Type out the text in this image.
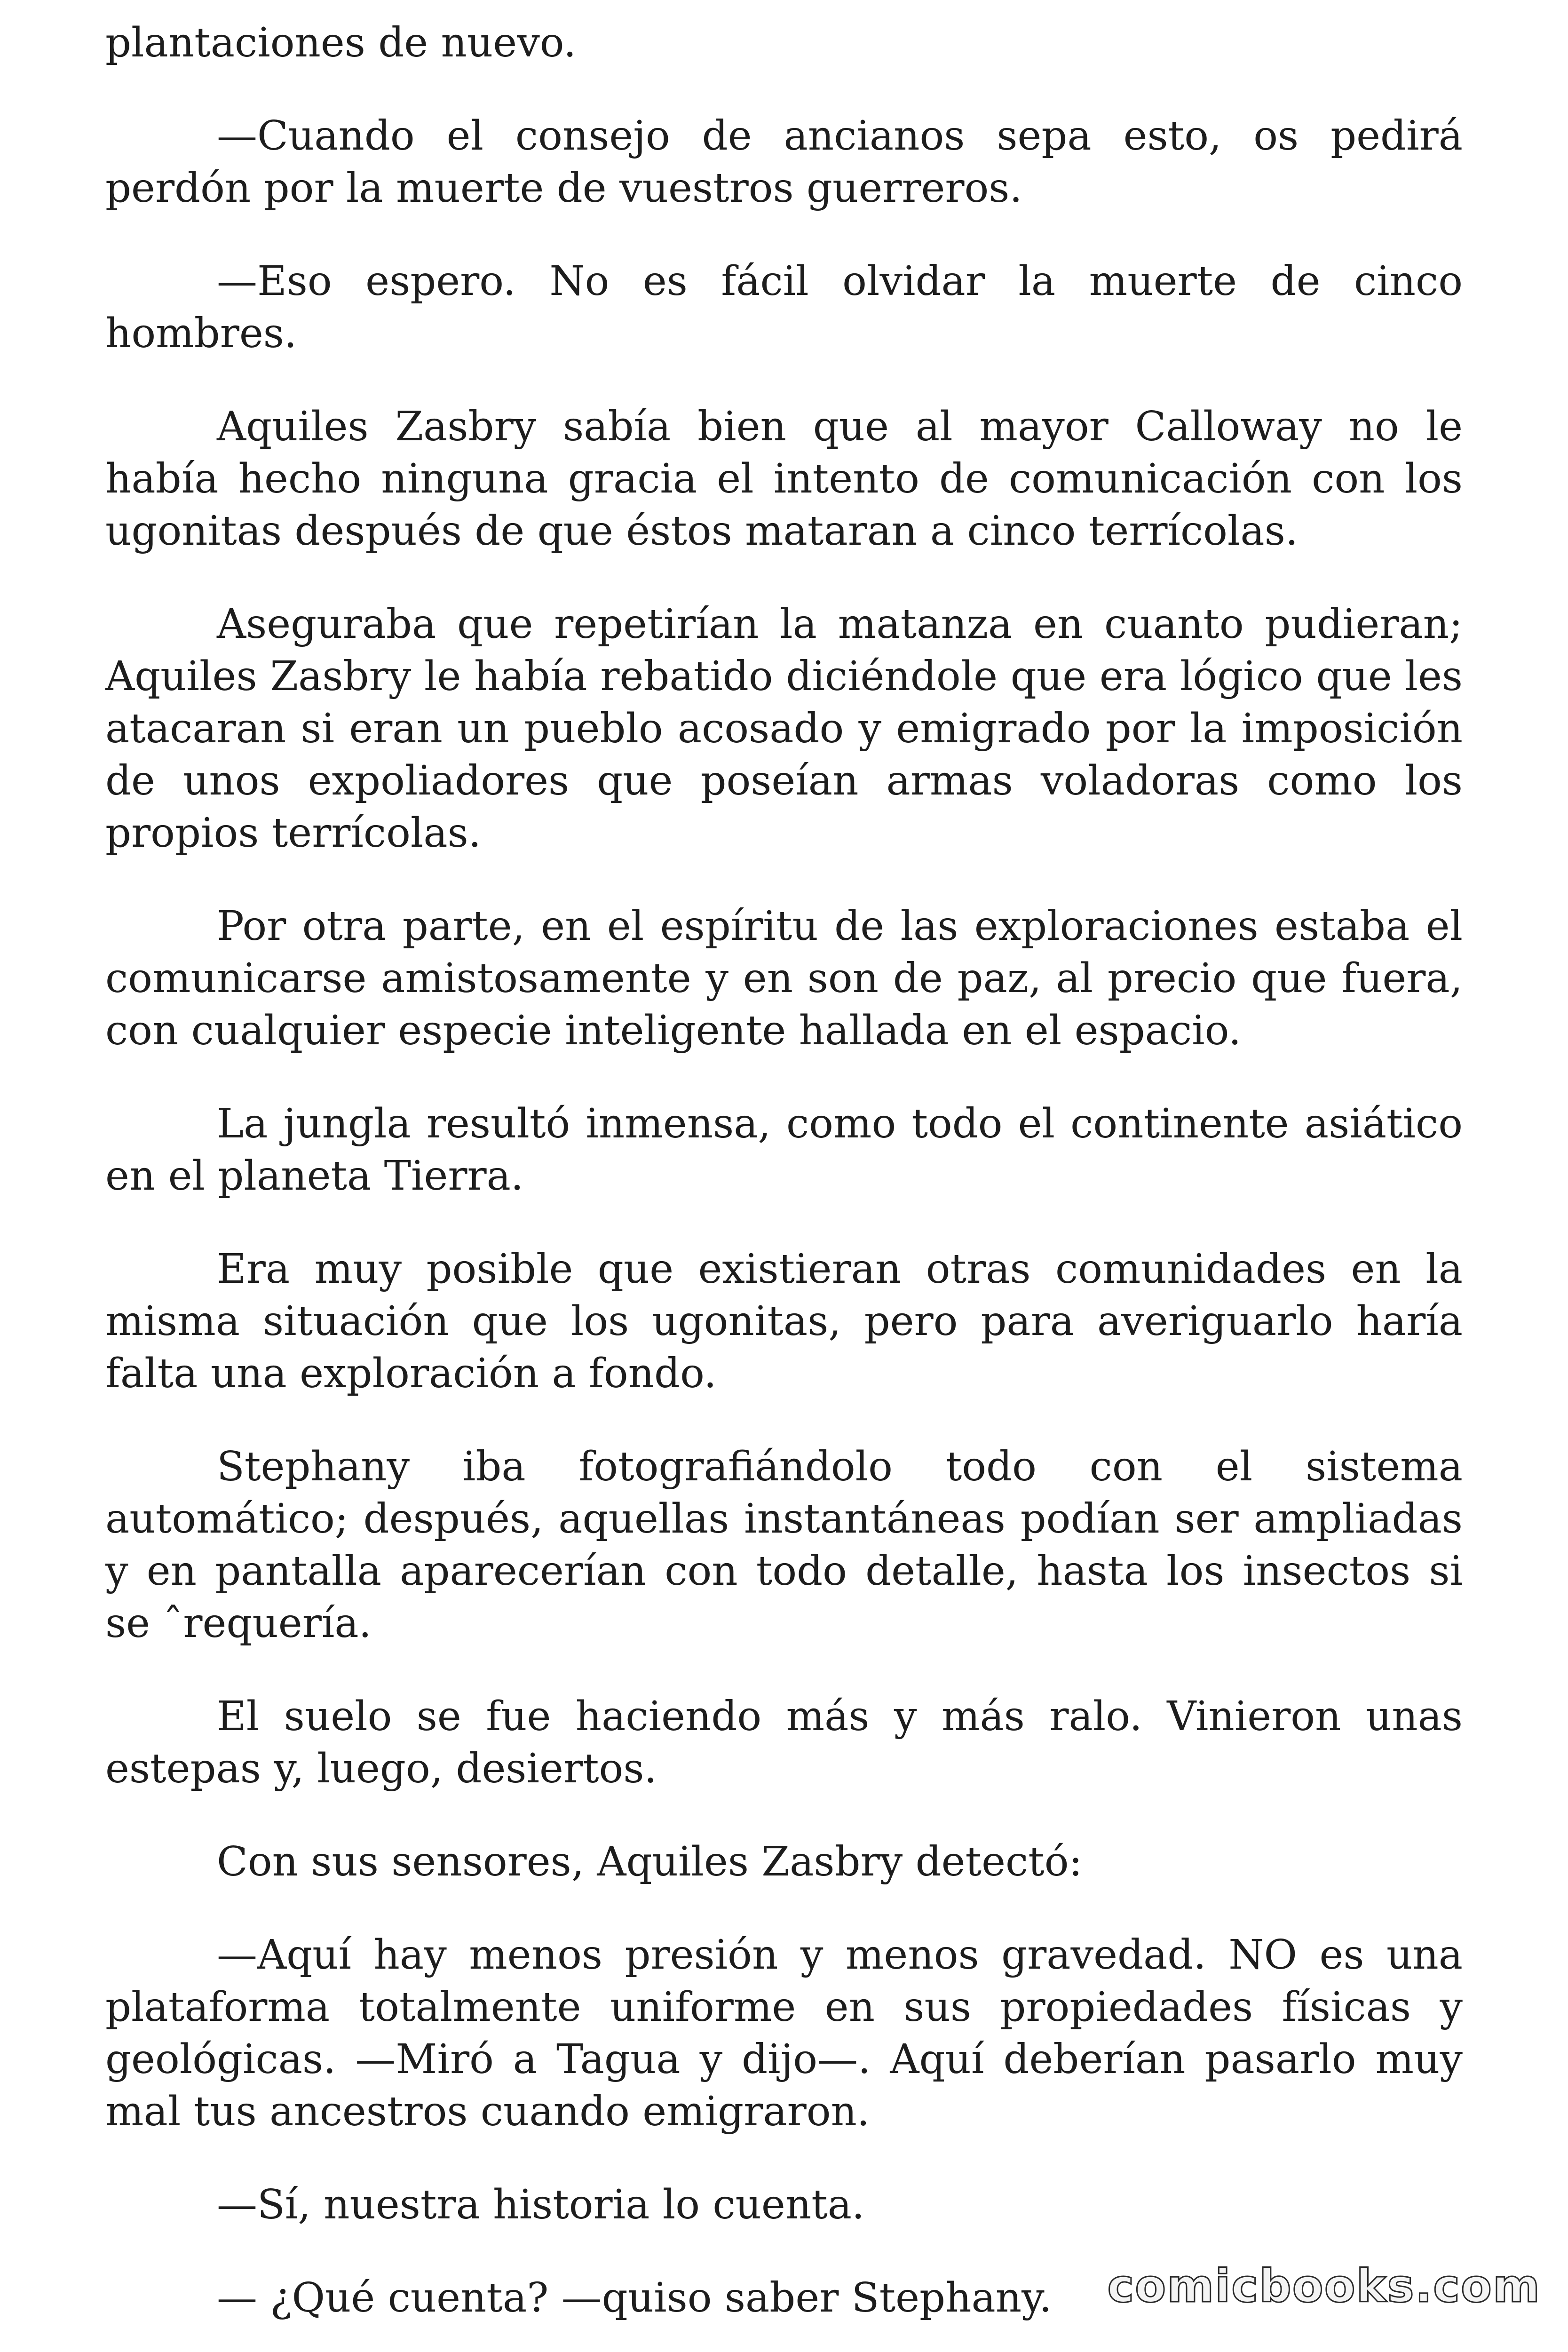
plantaciones de nuevo.

—Cuando el consejo de ancianos sepa esto, os pedirá perdón por la muerte de vuestros guerreros.

—Eso espero. No es fácil olvidar la muerte de cinco hombres.

Aquiles Zasbry sabía bien que al mayor Calloway no le había hecho ninguna gracia el intento de comunicación con los ugonitas después de que éstos mataran a cinco terrícolas.

Aseguraba que repetirían la matanza en cuanto pudieran; Aquiles Zasbry le había rebatido diciéndole que era lógico que les atacaran si eran un pueblo acosado y emigrado por la imposición de unos expoliadores que poseían armas voladoras como los propios terrícolas.

Por otra parte, en el espíritu de las exploraciones estaba el comunicarse amistosamente y en son de paz, al precio que fuera, con cualquier especie inteligente hallada en el espacio.

La jungla resultó inmensa, como todo el continente asiático en el planeta Tierra.

Era muy posible que existieran otras comunidades en la misma situación que los ugonitas, pero para averiguarlo haría falta una exploración a fondo.

Stephany iba fotografiándolo todo con el sistema automático; después, aquellas instantáneas podían ser ampliadas y en pantalla aparecerían con todo detalle, hasta los insectos si se ˆrequería.

El suelo se fue haciendo más y más ralo. Vinieron unas estepas y, luego, desiertos.

Con sus sensores, Aquiles Zasbry detectó:

—Aquí hay menos presión y menos gravedad. NO es una plataforma totalmente uniforme en sus propiedades físicas y geológicas. —Miró a Tagua y dijo—. Aquí deberían pasarlo muy mal tus ancestros cuando emigraron.

—Sí, nuestra historia lo cuenta.

— ¿Qué cuenta? —quiso saber Stephany.	comicbooks.com
